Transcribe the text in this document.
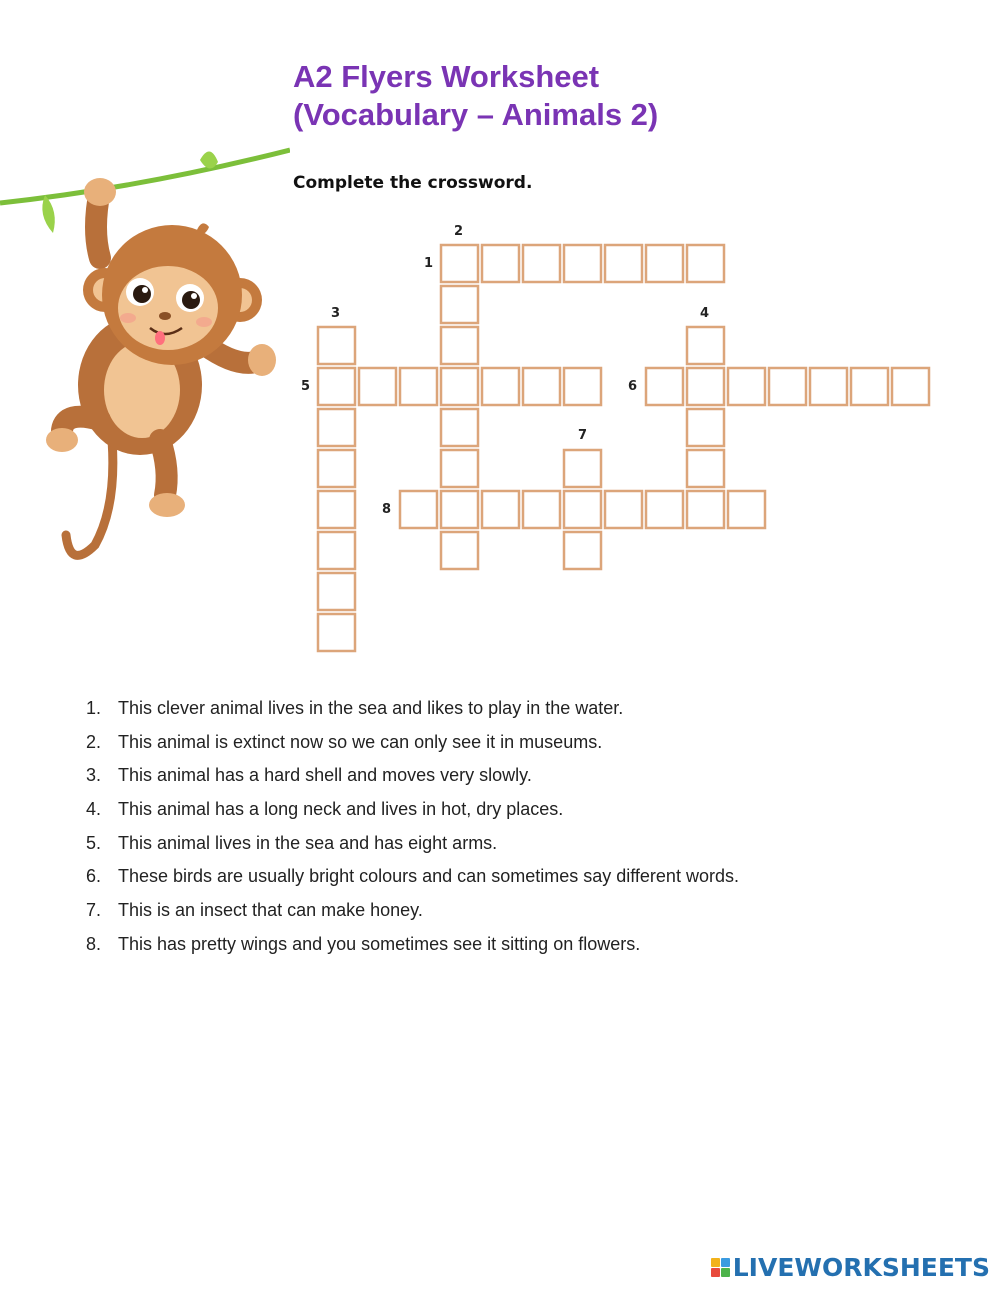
A2 Flyers Worksheet
(Vocabulary – Animals 2)

Complete the crossword.

1
2
3	4
5	6
7
8
1. This clever animal lives in the sea and likes to play in the water.
2. This animal is extinct now so we can only see it in museums.
3. This animal has a hard shell and moves very slowly.
4. This animal has a long neck and lives in hot, dry places.
5. This animal lives in the sea and has eight arms.
6. These birds are usually bright colours and can sometimes say different words.
7. This is an insect that can make honey.
8. This has pretty wings and you sometimes see it sitting on flowers.
LIVEWORKSHEETS
